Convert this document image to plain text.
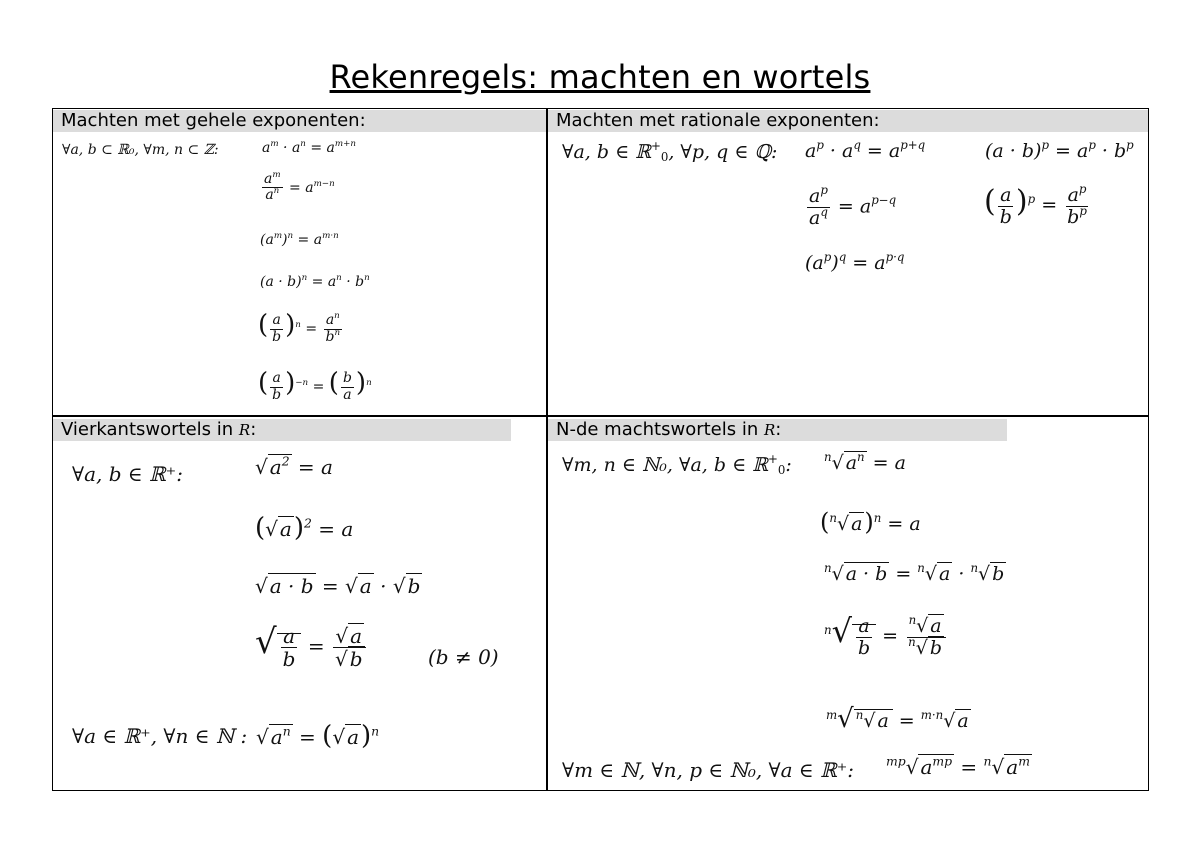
Rekenregels: machten en wortels
Machten met gehele exponenten:	Machten met rationale exponenten:
Vierkantswortels in R:	N-de machtswortels in R:
∀a, b ⊂ ℝ₀, ∀m, n ⊂ ℤ:	$a^m \cdot a^n = a^{m+n}$
$\frac{a^m}{a^n} = a^{m-n}$
$(a^m)^n = a^{m\cdot n}$
$(a \cdot b)^n = a^n \cdot b^n$
( $\frac{a}{b} )^n = \frac{a^n}{b^n}$
( $\frac{a}{b} )^{-n}$ = ( $\frac{b}{a} )^n$
∀a, b ∈ ℝ+$_0$, ∀p, q ∈ ℚ: $a^p \cdot a^q = a^{p+q}$	$(a \cdot b)^p = a^p \cdot b^p$
$\frac{a^p}{a^q} = a^{p-q}$	( $\frac{a}{b} )^p = \frac{a^p}{b^p}$
$(a^p)^q = a^{p\cdot q}$
∀a, b ∈ ℝ⁺:	√ $a^2 = a$
(√ a)$^2$ = a
√ a · b = √ a · √ b
√ $\frac{a}{b} = \frac{√ a}{√ b}$	(b ≠ 0)
∀a ∈ ℝ⁺, ∀n ∈ ℕ : √ $a^n$ = (√ a)$^n$
∀m, n ∈ ℕ₀, ∀a, b ∈ ℝ+$_0$:	$^n$√ $a^n = a$
($^n$√ a)$^n$ = a
$^n$√ a · b = $^n$√ a · $^n$√ b
$^n√ \frac{a}{b} = \frac{^n√ a}{^n√ b}$
$^m$√ $^n$√ a = $^{m\cdot n}$√ a
∀m ∈ ℕ, ∀n, p ∈ ℕ₀, ∀a ∈ ℝ⁺:	$^{mp}$√ $a^{mp} = ^n√$ $a^m$
